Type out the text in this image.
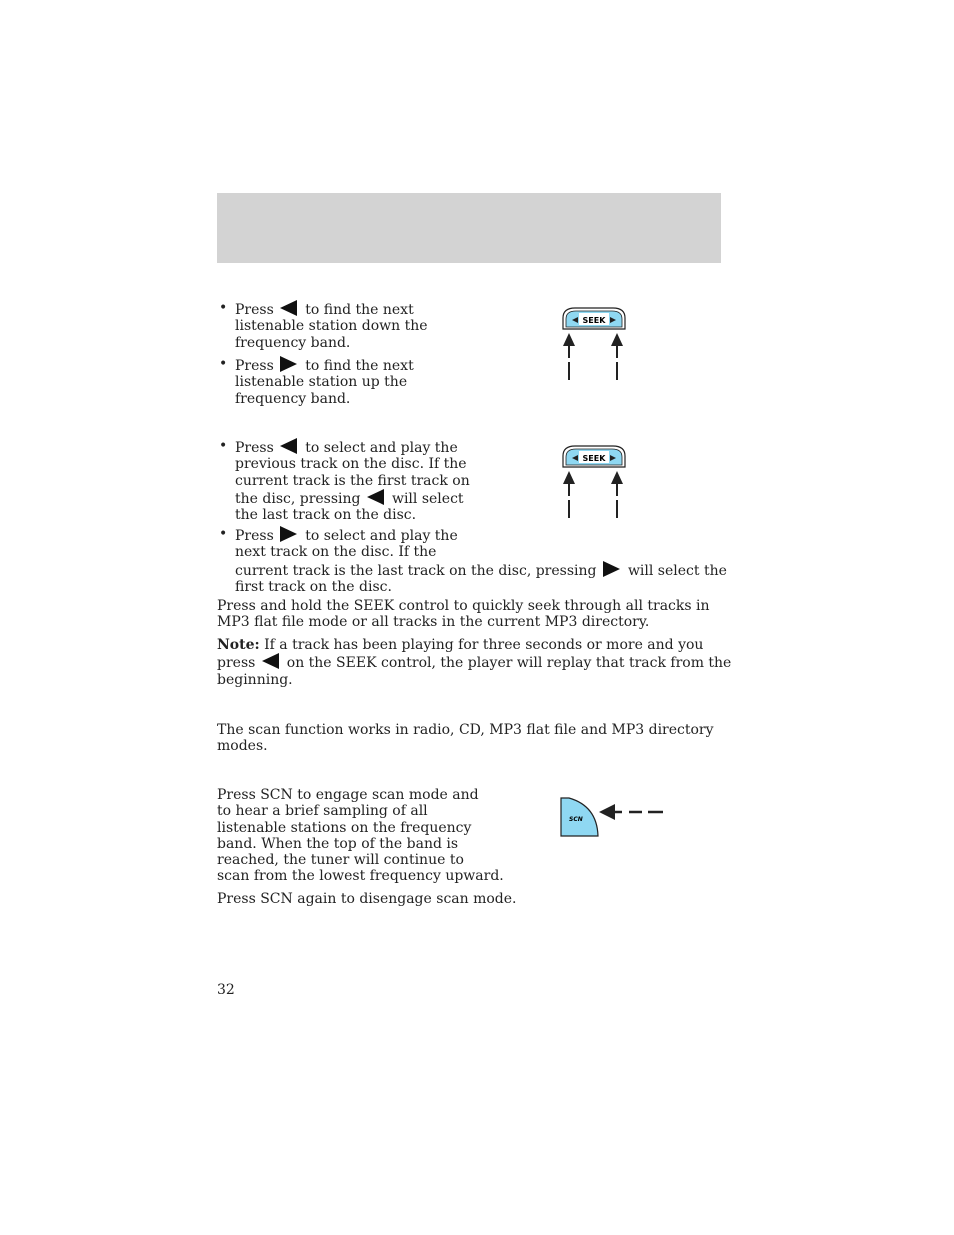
• Press to find the next
listenable station down the
frequency band.
• Press to find the next
listenable station up the
frequency band.
SEEK
• Press to select and play the
previous track on the disc. If the
current track is the first track on
the disc, pressing will select
the last track on the disc.
• Press to select and play the
next track on the disc. If the
current track is the last track on the disc, pressing will select the
first track on the disc.
SEEK
Press and hold the SEEK control to quickly seek through all tracks in
MP3 flat file mode or all tracks in the current MP3 directory.
Note: If a track has been playing for three seconds or more and you
press on the SEEK control, the player will replay that track from the
beginning.
The scan function works in radio, CD, MP3 flat file and MP3 directory
modes.
Press SCN to engage scan mode and
to hear a brief sampling of all
listenable stations on the frequency
band. When the top of the band is
reached, the tuner will continue to
scan from the lowest frequency upward.
Press SCN again to disengage scan mode.
SCN
32
